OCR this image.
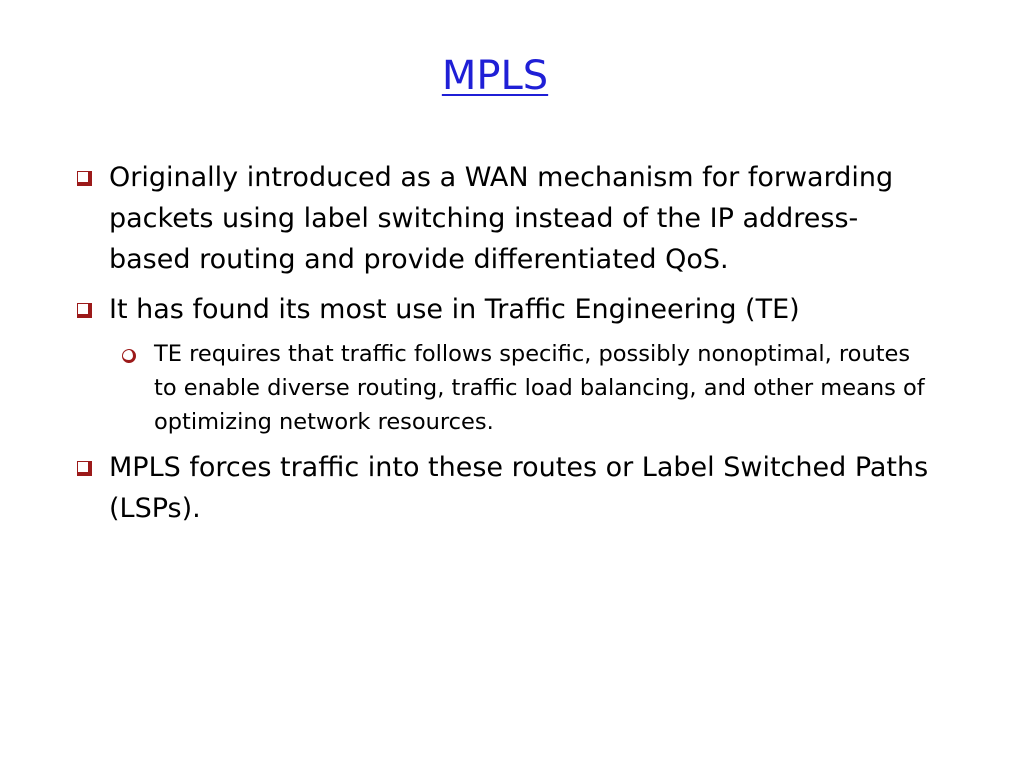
MPLS
Originally introduced as a WAN mechanism for forwarding packets using label switching instead of the IP address-based routing and provide differentiated QoS.
It has found its most use in Traffic Engineering (TE)
TE requires that traffic follows specific, possibly nonoptimal, routes to enable diverse routing, traffic load balancing, and other means of optimizing network resources.
MPLS forces traffic into these routes or Label Switched Paths (LSPs).
